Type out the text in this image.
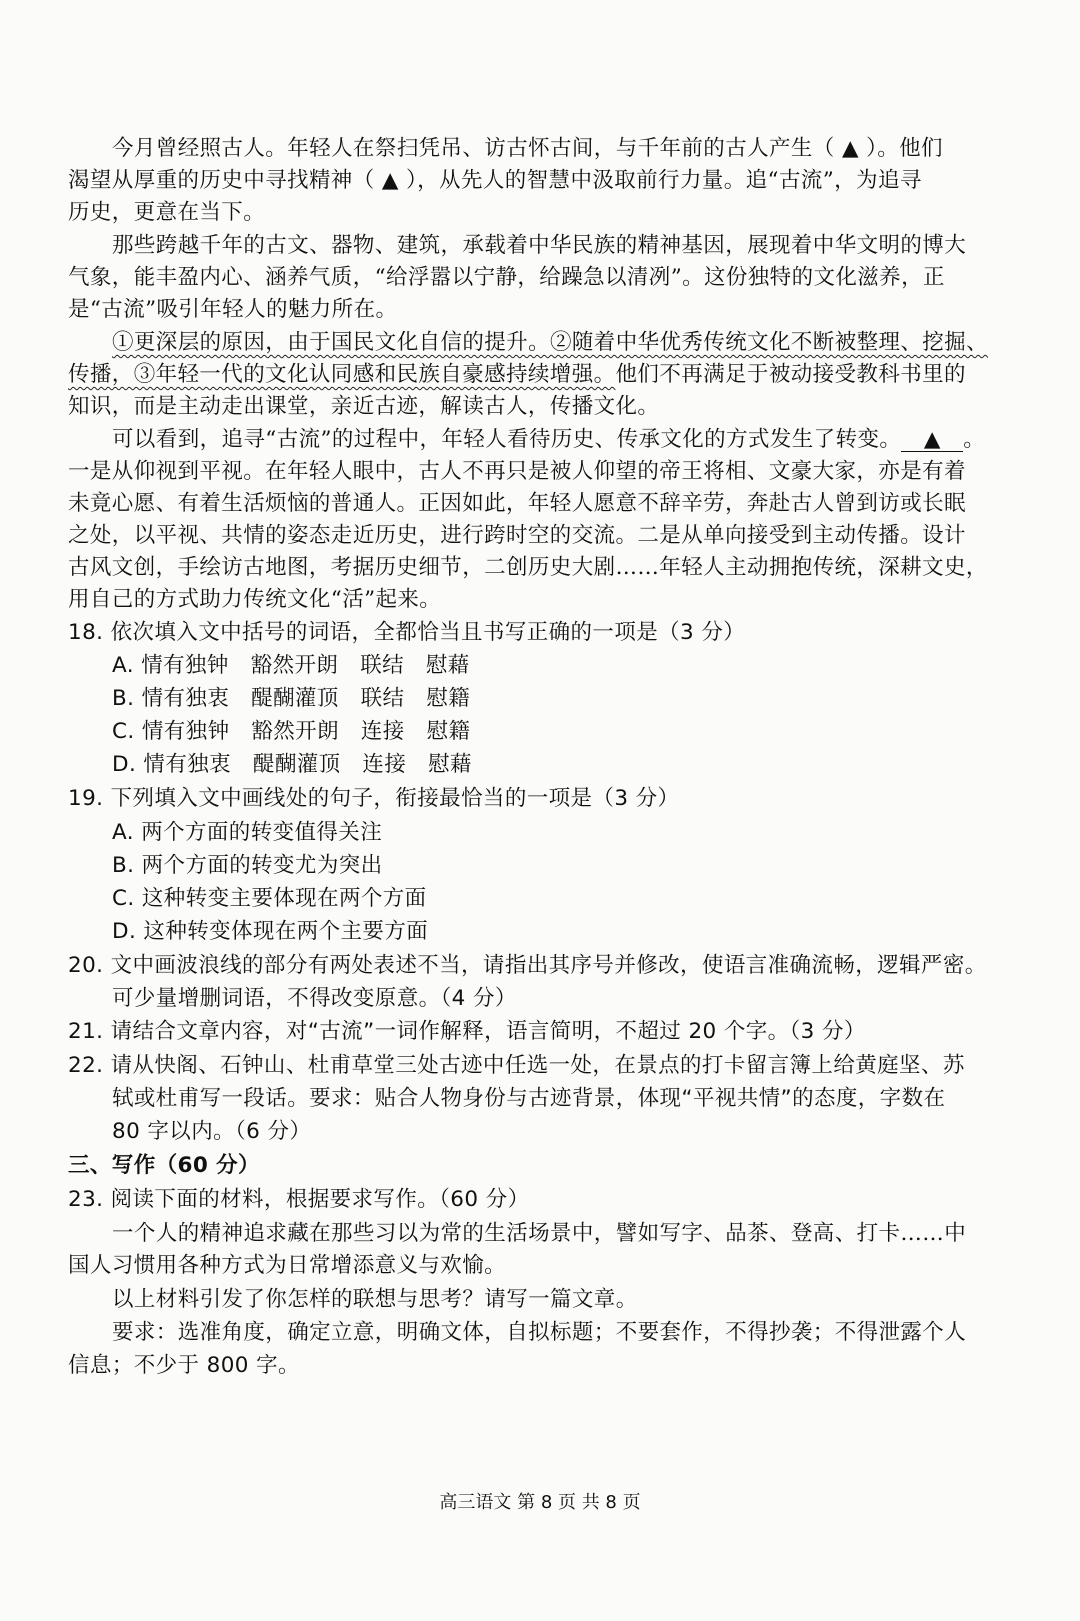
今月曾经照古人。年轻人在祭扫凭吊、访古怀古间，与千年前的古人产生（ ▲ ）。他们
渴望从厚重的历史中寻找精神（ ▲ ），从先人的智慧中汲取前行力量。追“古流”，为追寻
历史，更意在当下。
那些跨越千年的古文、器物、建筑，承载着中华民族的精神基因，展现着中华文明的博大
气象，能丰盈内心、涵养气质，“给浮嚣以宁静，给躁急以清冽”。这份独特的文化滋养，正
是“古流”吸引年轻人的魅力所在。
①更深层的原因，由于国民文化自信的提升。②随着中华优秀传统文化不断被整理、挖掘、
传播，③年轻一代的文化认同感和民族自豪感持续增强。他们不再满足于被动接受教科书里的
知识，而是主动走出课堂，亲近古迹，解读古人，传播文化。
可以看到，追寻“古流”的过程中，年轻人看待历史、传承文化的方式发生了转变。 ▲ 。
一是从仰视到平视。在年轻人眼中，古人不再只是被人仰望的帝王将相、文豪大家，亦是有着
未竟心愿、有着生活烦恼的普通人。正因如此，年轻人愿意不辞辛劳，奔赴古人曾到访或长眠
之处，以平视、共情的姿态走近历史，进行跨时空的交流。二是从单向接受到主动传播。设计
古风文创，手绘访古地图，考据历史细节，二创历史大剧……年轻人主动拥抱传统，深耕文史，
用自己的方式助力传统文化“活”起来。
18. 依次填入文中括号的词语，全都恰当且书写正确的一项是（3 分）
A. 情有独钟　豁然开朗　联结　慰藉
B. 情有独衷　醍醐灌顶　联结　慰籍
C. 情有独钟　豁然开朗　连接　慰籍
D. 情有独衷　醍醐灌顶　连接　慰藉
19. 下列填入文中画线处的句子，衔接最恰当的一项是（3 分）
A. 两个方面的转变值得关注
B. 两个方面的转变尤为突出
C. 这种转变主要体现在两个方面
D. 这种转变体现在两个主要方面
20. 文中画波浪线的部分有两处表述不当，请指出其序号并修改，使语言准确流畅，逻辑严密。
可少量增删词语，不得改变原意。（4 分）
21. 请结合文章内容，对“古流”一词作解释，语言简明，不超过 20 个字。（3 分）
22. 请从快阁、石钟山、杜甫草堂三处古迹中任选一处，在景点的打卡留言簿上给黄庭坚、苏
轼或杜甫写一段话。要求：贴合人物身份与古迹背景，体现“平视共情”的态度，字数在
80 字以内。（6 分）
三、写作（60 分）
23. 阅读下面的材料，根据要求写作。（60 分）
一个人的精神追求藏在那些习以为常的生活场景中，譬如写字、品茶、登高、打卡……中
国人习惯用各种方式为日常增添意义与欢愉。
以上材料引发了你怎样的联想与思考？请写一篇文章。
要求：选准角度，确定立意，明确文体，自拟标题；不要套作，不得抄袭；不得泄露个人
信息；不少于 800 字。
高三语文 第 8 页 共 8 页
